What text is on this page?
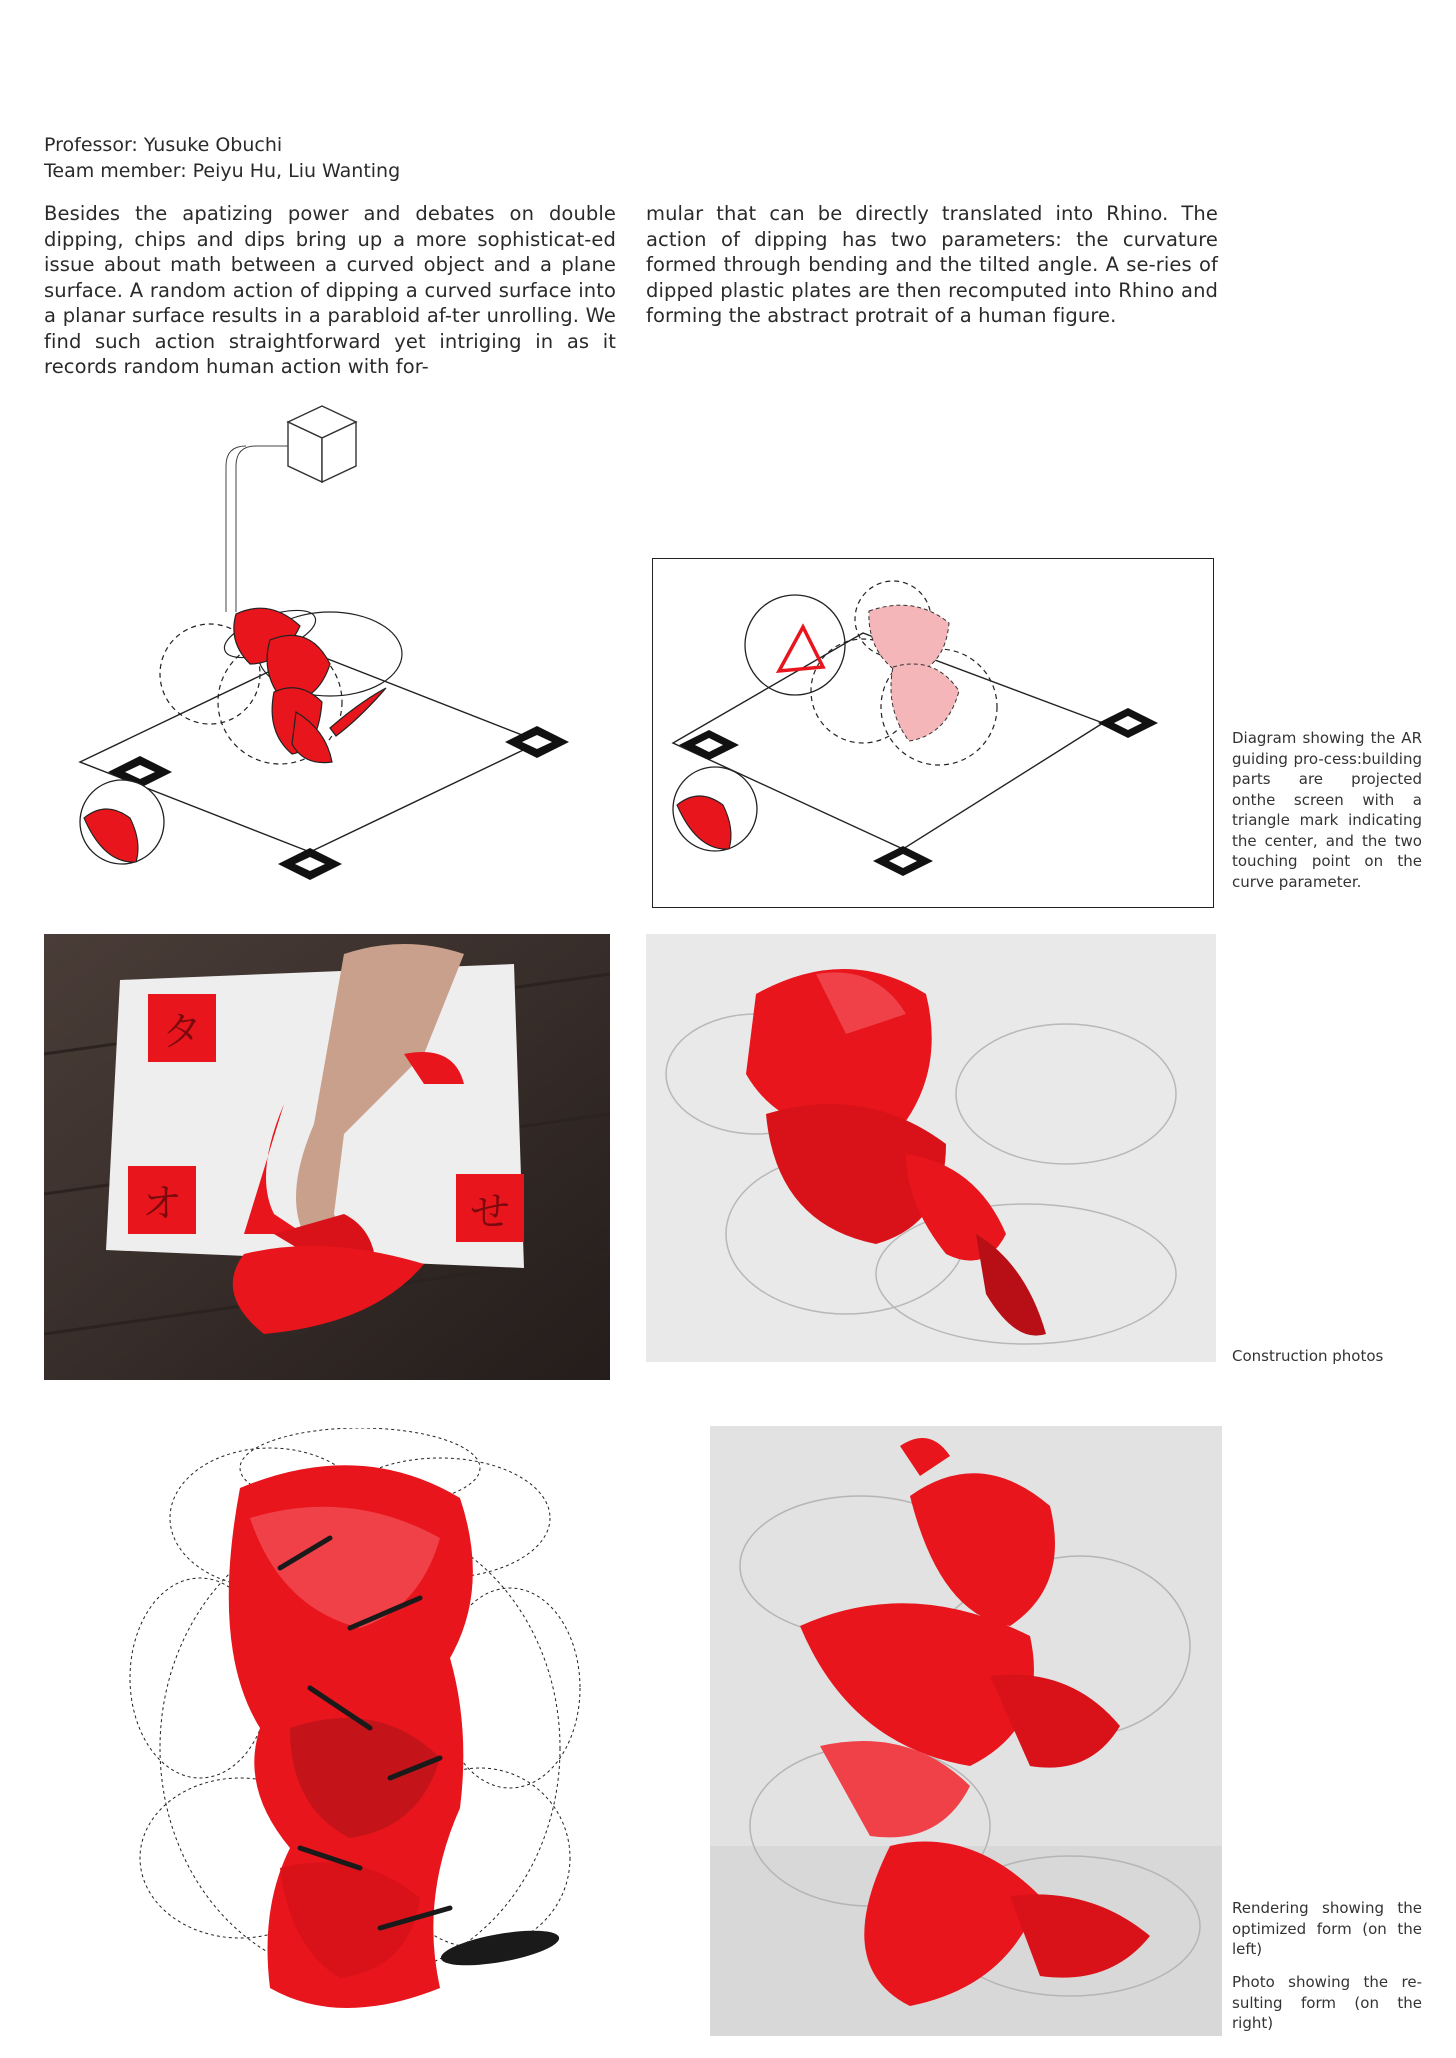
Professor: Yusuke Obuchi
Team member: Peiyu Hu, Liu Wanting
Besides the apatizing power and debates on double dipping, chips and dips bring up a more sophisticat-ed issue about math between a curved object and a plane surface. A random action of dipping a curved surface into a planar surface results in a parabloid af-ter unrolling. We find such action straightforward yet intriging in as it records random human action with for-
mular that can be directly translated into Rhino. The action of dipping has two parameters: the curvature formed through bending and the tilted angle. A se-ries of dipped plastic plates are then recomputed into Rhino and forming the abstract protrait of a human figure.
Diagram showing the AR guiding pro-cess:building parts are projected onthe screen with a triangle mark indicating the center, and the two touching point on the curve parameter.
タ
オ	せ
Construction photos
Rendering showing the optimized form (on the left)
Photo showing the re-sulting form (on the right)
